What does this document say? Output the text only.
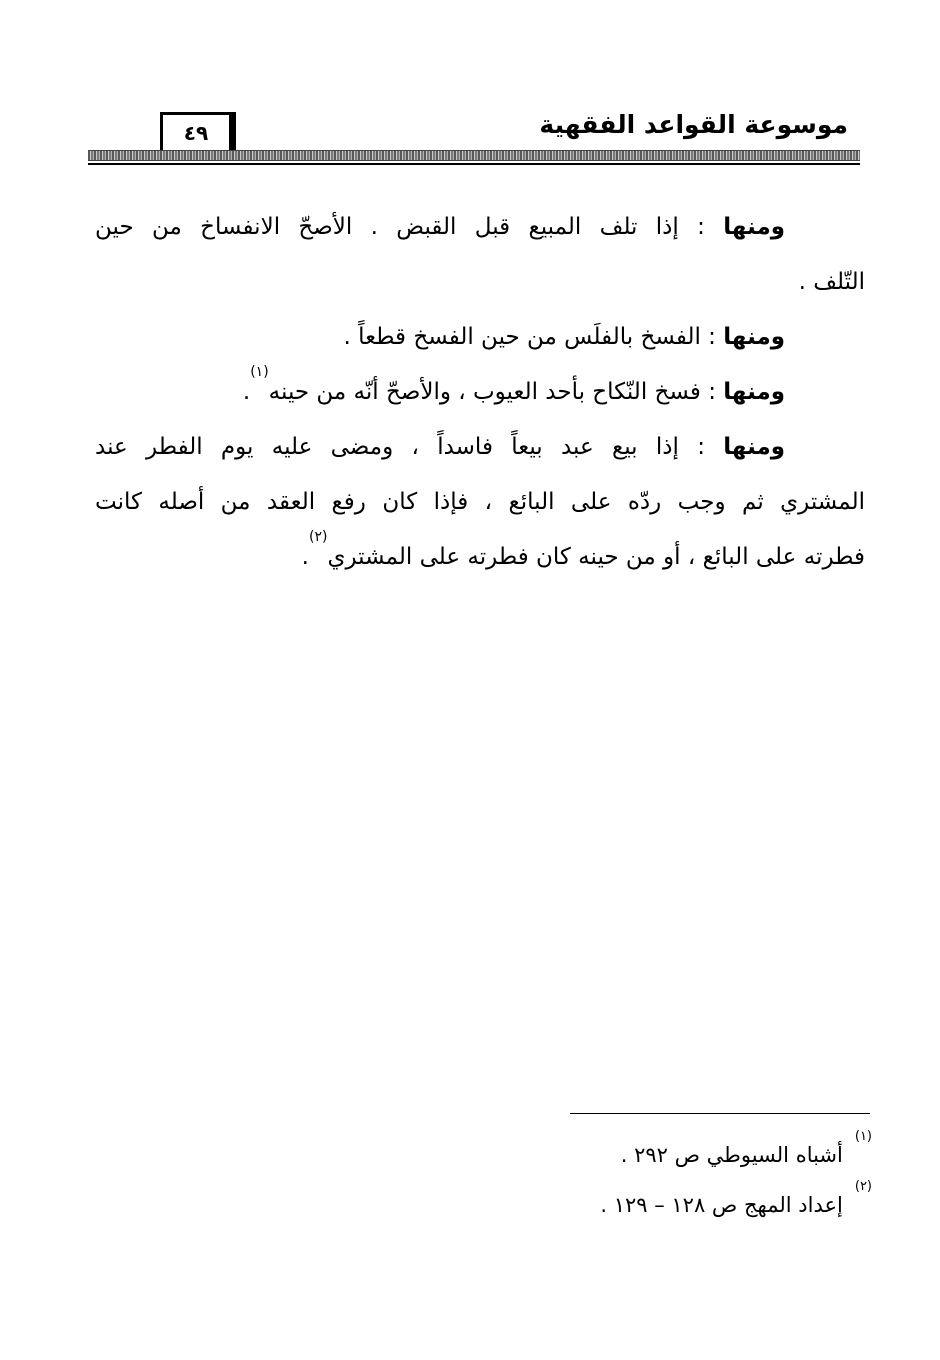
موسوعة القواعد الفقهية
٤٩

ومنها : إذا تلف المبيع قبل القبض . الأصحّ الانفساخ من حين
التّلف .

ومنها : الفسخ بالفلَس من حين الفسخ قطعاً .

ومنها : فسخ النّكاح بأحد العيوب ، والأصحّ أنّه من حينه$^{(١)}$.

ومنها : إذا بيع عبد بيعاً فاسداً ، ومضى عليه يوم الفطر عند
المشتري ثم وجب ردّه على البائع ، فإذا كان رفع العقد من أصله كانت
فطرته على البائع ، أو من حينه كان فطرته على المشتري$^{(٢)}$.

$^{(١)}$أشباه السيوطي ص ٢٩٢ .
$^{(٢)}$إعداد المهج ص ١٢٨ – ١٢٩ .
